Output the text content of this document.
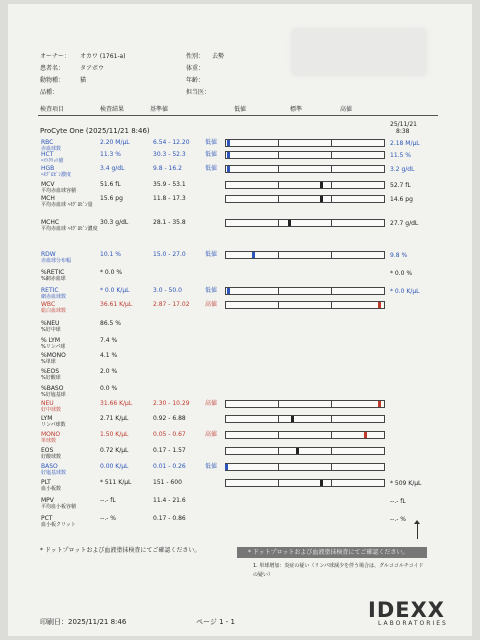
オーナー： オカワ (1761-a)
患者名：	タアボウ
動物種：	猫
品種：
性別： 去勢
体重：
年齢：
担当医：
検査項目	検査結果	基準値	低値	標準	高値
25/11/21
8:38
ProCyte One (2025/11/21 8:46)
RBC
赤血球数
2.20 M/μL	6.54 - 12.20	低値	2.18 M/μL
HCT
ﾍﾏﾄｸﾘｯﾄ値
11.3 %	30.3 - 52.3	低値	11.5 %
HGB
ﾍﾓｸﾞﾛﾋﾞﾝ濃度
3.4 g/dL	9.8 - 16.2	低値	3.2 g/dL
MCV
平均赤血球容積
51.6 fL	35.9 - 53.1	52.7 fL
MCH
平均赤血球 ﾍﾓｸﾞﾛﾋﾞﾝ量
15.6 pg	11.8 - 17.3	14.6 pg
MCHC
平均赤血球 ﾍﾓｸﾞﾛﾋﾞﾝ濃度
30.3 g/dL	28.1 - 35.8	27.7 g/dL
RDW
赤血球分布幅
10.1 %	15.0 - 27.0	低値	9.8 %
%RETIC
%網赤血球
* 0.0 %	* 0.0 %
RETIC
網赤血球数
* 0.0 K/μL	3.0 - 50.0	低値	* 0.0 K/μL
WBC
総白血球数
36.61 K/μL	2.87 - 17.02	高値
%NEU
%好中球
86.5 %
% LYM
%リンパ球
7.4 %
%MONO
%単球
4.1 %
%EOS
%好酸球
2.0 %
%BASO
%好塩基球
0.0 %
NEU
好中球数
31.66 K/μL	2.30 - 10.29	高値
LYM
リンパ球数
2.71 K/μL	0.92 - 6.88
MONO
単球数
1.50 K/μL	0.05 - 0.67	高値
EOS
好酸球数
0.72 K/μL	0.17 - 1.57
BASO
好塩基球数
0.00 K/μL	0.01 - 0.26	低値
PLT
血小板数
* 511 K/μL	151 - 600	* 509 K/μL
MPV
平均血小板容積
--.- fL	11.4 - 21.6	--.- fL
PCT
血小板クリット
--.- %	0.17 - 0.86	--.- %
* ドットプロットおよび血液塗抹検査にてご確認ください。	* ドットプロットおよび血液塗抹検査にてご確認ください。
1. 単球増加：炎症の疑い（リンパ球減少を伴う場合は、グルココルチコイド
の疑い）
印刷日：2025/11/21 8:46	ページ 1 - 1	IDEXX
LABORATORIES
